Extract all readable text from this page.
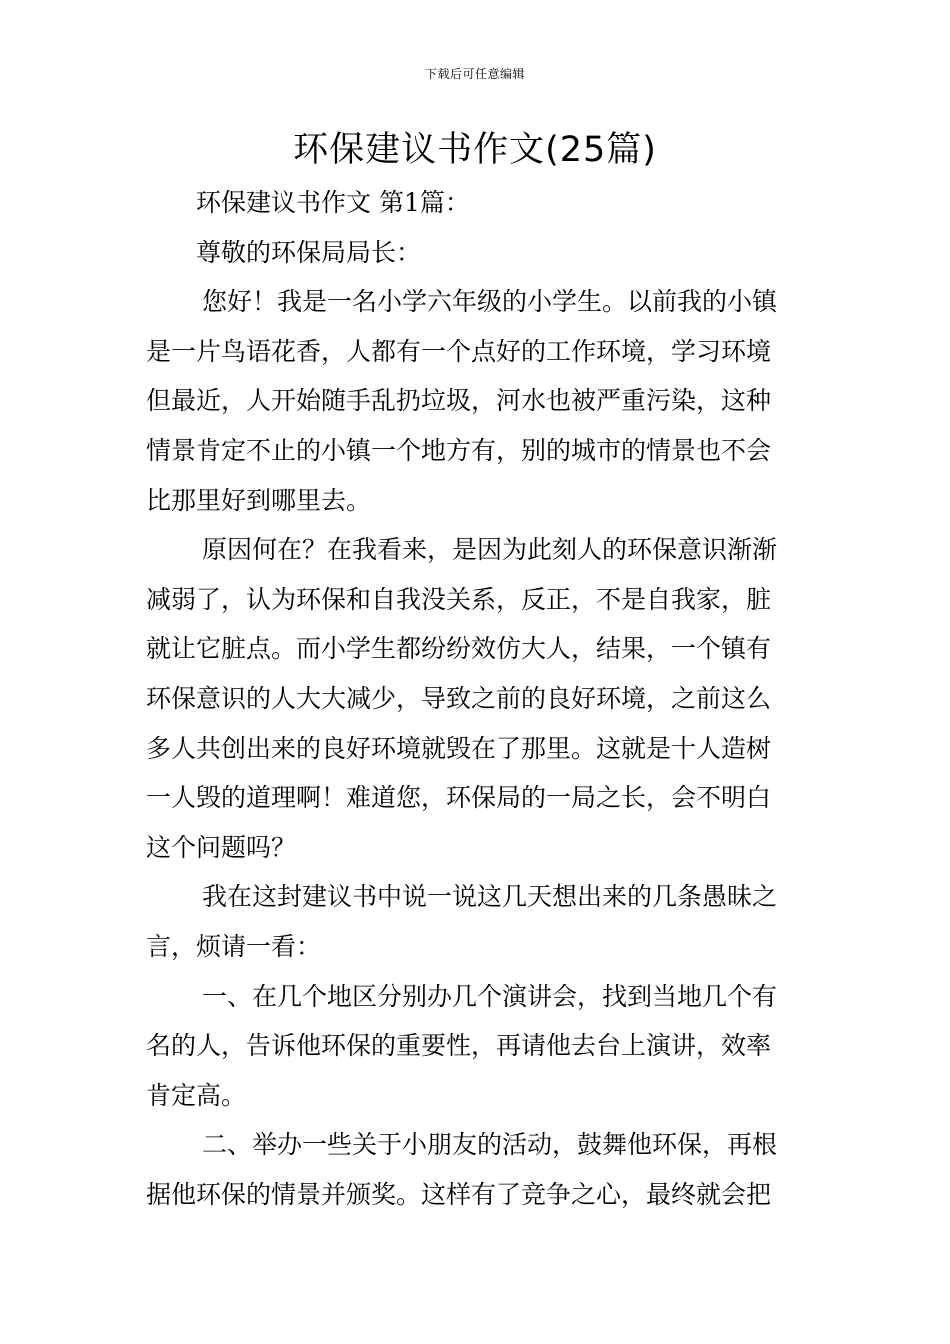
下载后可任意编辑
环保建议书作文(25篇)
环保建议书作文 第1篇：
尊敬的环保局局长：
您好！我是一名小学六年级的小学生。以前我的小镇
是一片鸟语花香，人都有一个点好的工作环境，学习环境
但最近，人开始随手乱扔垃圾，河水也被严重污染，这种
情景肯定不止的小镇一个地方有，别的城市的情景也不会
比那里好到哪里去。
原因何在？在我看来，是因为此刻人的环保意识渐渐
减弱了，认为环保和自我没关系，反正，不是自我家，脏
就让它脏点。而小学生都纷纷效仿大人，结果，一个镇有
环保意识的人大大减少，导致之前的良好环境，之前这么
多人共创出来的良好环境就毁在了那里。这就是十人造树
一人毁的道理啊！难道您，环保局的一局之长，会不明白
这个问题吗？
我在这封建议书中说一说这几天想出来的几条愚昧之
言，烦请一看：
一、在几个地区分别办几个演讲会，找到当地几个有
名的人，告诉他环保的重要性，再请他去台上演讲，效率
肯定高。
二、举办一些关于小朋友的活动，鼓舞他环保，再根
据他环保的情景并颁奖。这样有了竞争之心，最终就会把
